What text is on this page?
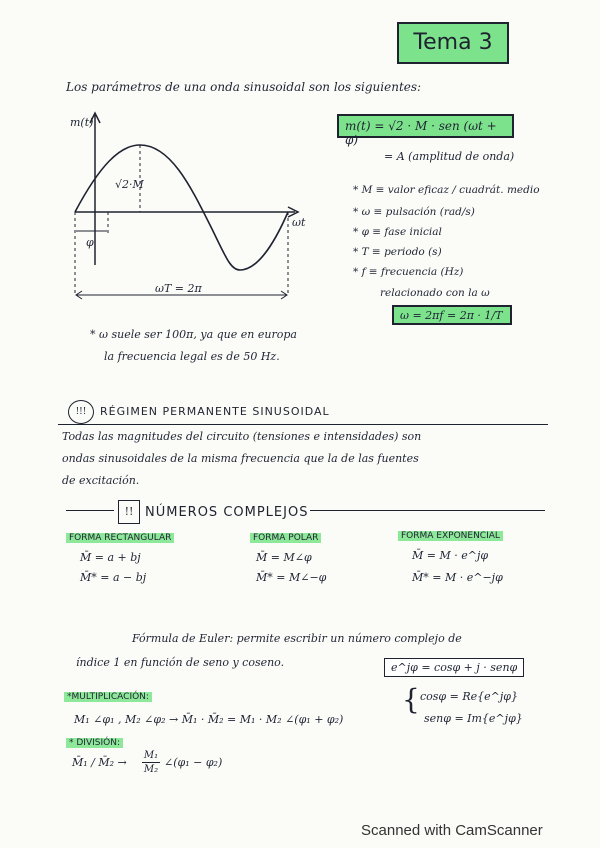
Tema 3
Los parámetros de una onda sinusoidal son los siguientes:
m(t)
ωt
√2·M
φ
ωT = 2π
m(t) = √2 · M · sen (ωt + φ)
= A (amplitud de onda)
* M ≡ valor eficaz / cuadrát. medio
* ω ≡ pulsación (rad/s)
* φ ≡ fase inicial
* T ≡ periodo (s)
* f ≡ frecuencia (Hz)
relacionado con la ω
ω = 2πf = 2π · 1/T
* ω suele ser 100π, ya que en europa
la frecuencia legal es de 50 Hz.
!!!	RÉGIMEN PERMANENTE SINUSOIDAL
Todas las magnitudes del circuito (tensiones e intensidades) son
ondas sinusoidales de la misma frecuencia que la de las fuentes
de excitación.
!! NÚMEROS COMPLEJOS
FORMA RECTANGULAR
M̄ = a + bj
M̄* = a − bj
FORMA POLAR
M̄ = M∠φ
M̄* = M∠−φ
FORMA EXPONENCIAL
M̄ = M · e^jφ
M̄* = M · e^−jφ
Fórmula de Euler: permite escribir un número complejo de
índice 1 en función de seno y coseno.	e^jφ = cosφ + j · senφ
{ cosφ = Re{e^jφ}
senφ = Im{e^jφ}
*MULTIPLICACIÓN:
M₁ ∠φ₁ , M₂ ∠φ₂ → M̄₁ · M̄₂ = M₁ · M₂ ∠(φ₁ + φ₂)
* DIVISIÓN:
M̄₁ / M̄₂ →
M₁
M₂
∠(φ₁ − φ₂)
Scanned with CamScanner
